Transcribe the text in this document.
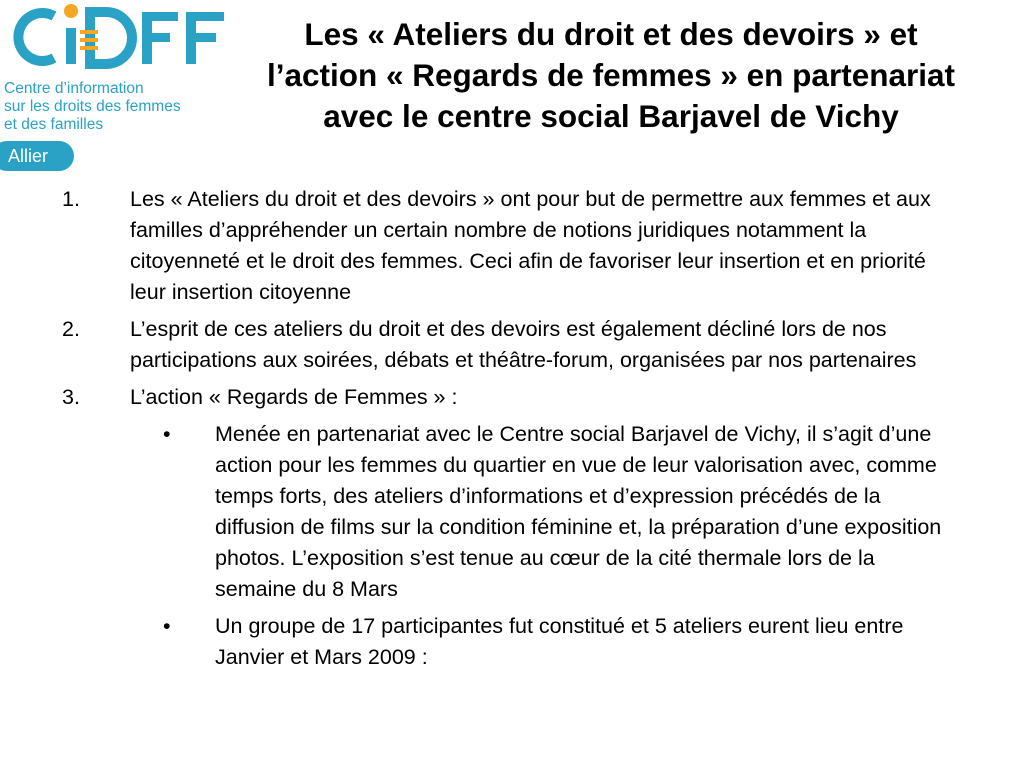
Centre d’information
sur les droits des femmes
et des familles
Allier
Les « Ateliers du droit et des devoirs » et l’action « Regards de femmes » en partenariat avec le centre social Barjavel de Vichy
1. Les « Ateliers du droit et des devoirs » ont pour but de permettre aux femmes et aux familles d’appréhender un certain nombre de notions juridiques notamment la citoyenneté et le droit des femmes. Ceci afin de favoriser leur insertion et en priorité leur insertion citoyenne
2. L’esprit de ces ateliers du droit et des devoirs est également décliné lors de nos participations aux soirées, débats et théâtre-forum, organisées par nos partenaires
3. L’action « Regards de Femmes » :
• Menée en partenariat avec le Centre social Barjavel de Vichy, il s’agit d’une action pour les femmes du quartier en vue de leur valorisation avec, comme temps forts, des ateliers d’informations et d’expression précédés de la diffusion de films sur la condition féminine et, la préparation d’une exposition photos. L’exposition s’est tenue au cœur de la cité thermale lors de la semaine du 8 Mars
• Un groupe de 17 participantes fut constitué et 5 ateliers eurent lieu entre Janvier et Mars 2009 :
